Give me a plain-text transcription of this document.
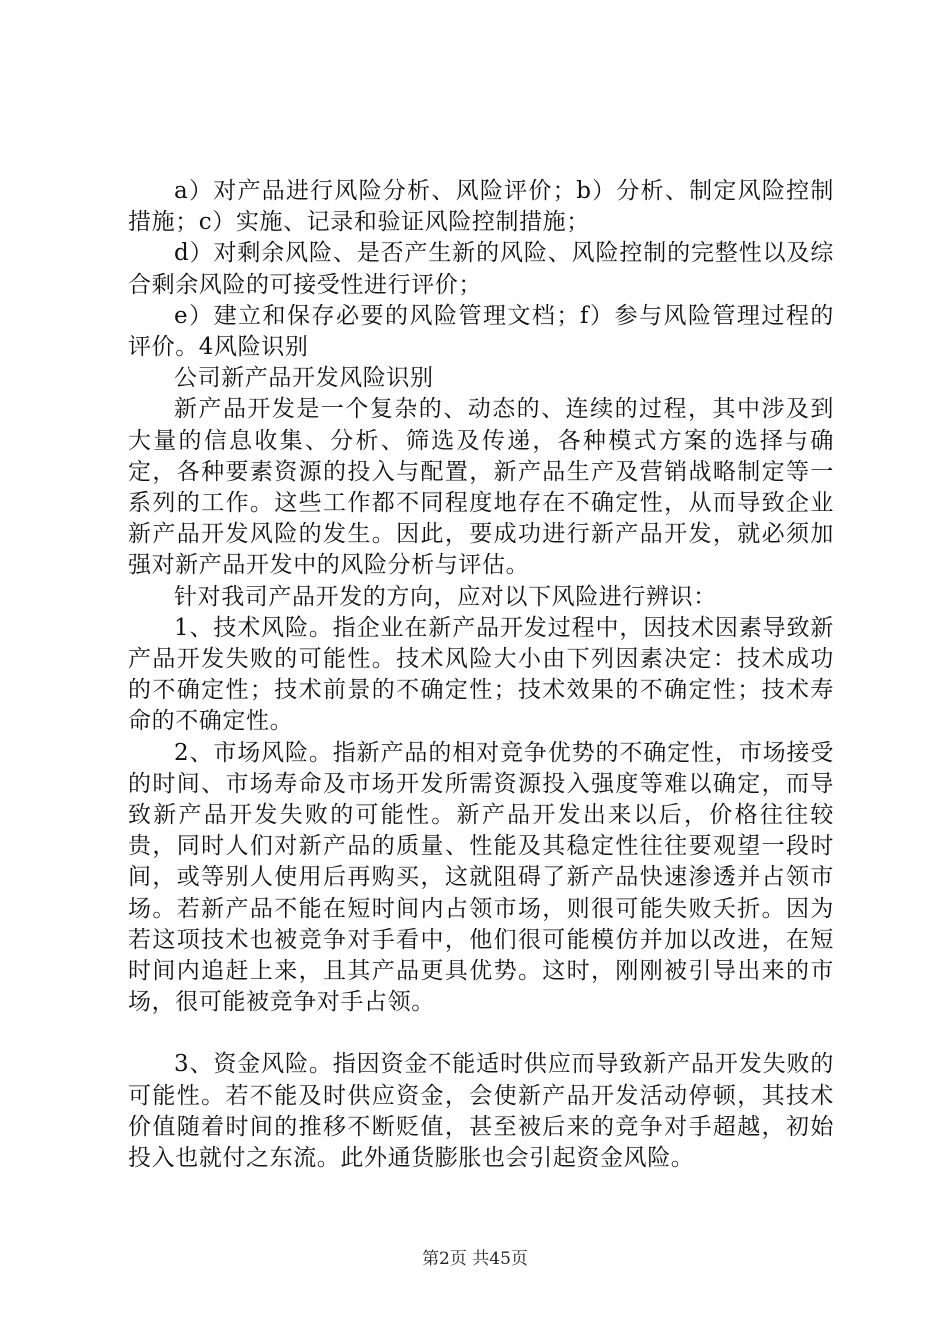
a）对产品进行风险分析、风险评价；b）分析、制定风险控制措施；c）实施、记录和验证风险控制措施；

d）对剩余风险、是否产生新的风险、风险控制的完整性以及综合剩余风险的可接受性进行评价；

e）建立和保存必要的风险管理文档；f）参与风险管理过程的评价。4风险识别

公司新产品开发风险识别

新产品开发是一个复杂的、动态的、连续的过程，其中涉及到大量的信息收集、分析、筛选及传递，各种模式方案的选择与确定，各种要素资源的投入与配置，新产品生产及营销战略制定等一系列的工作。这些工作都不同程度地存在不确定性，从而导致企业新产品开发风险的发生。因此，要成功进行新产品开发，就必须加强对新产品开发中的风险分析与评估。

针对我司产品开发的方向，应对以下风险进行辨识：

1、技术风险。指企业在新产品开发过程中，因技术因素导致新产品开发失败的可能性。技术风险大小由下列因素决定：技术成功的不确定性；技术前景的不确定性；技术效果的不确定性；技术寿命的不确定性。

2、市场风险。指新产品的相对竞争优势的不确定性，市场接受的时间、市场寿命及市场开发所需资源投入强度等难以确定，而导致新产品开发失败的可能性。新产品开发出来以后，价格往往较贵，同时人们对新产品的质量、性能及其稳定性往往要观望一段时间，或等别人使用后再购买，这就阻碍了新产品快速渗透并占领市场。若新产品不能在短时间内占领市场，则很可能失败夭折。因为若这项技术也被竞争对手看中，他们很可能模仿并加以改进，在短时间内追赶上来，且其产品更具优势。这时，刚刚被引导出来的市场，很可能被竞争对手占领。

3、资金风险。指因资金不能适时供应而导致新产品开发失败的可能性。若不能及时供应资金，会使新产品开发活动停顿，其技术价值随着时间的推移不断贬值，甚至被后来的竞争对手超越，初始投入也就付之东流。此外通货膨胀也会引起资金风险。

第2页 共45页
